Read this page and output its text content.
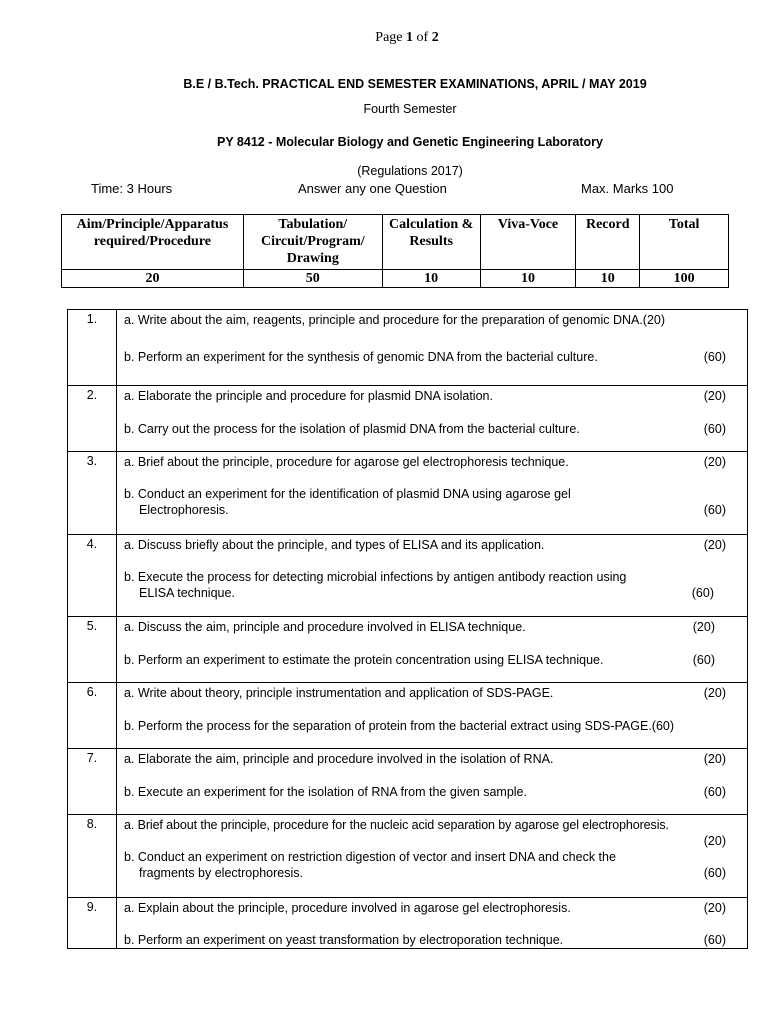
Page 1 of 2
B.E / B.Tech. PRACTICAL END SEMESTER EXAMINATIONS, APRIL / MAY 2019
Fourth Semester
PY 8412 - Molecular Biology and Genetic Engineering Laboratory
(Regulations 2017)
Time: 3 Hours	Answer any one Question	Max. Marks 100
Aim/Principle/Apparatus required/Procedure	Tabulation/ Circuit/Program/ Drawing	Calculation & Results	Viva-Voce	Record	Total
20	50	10	10	10	100
1.	a. Write about the aim, reagents, principle and procedure for the preparation of genomic DNA.(20)
b. Perform an experiment for the synthesis of genomic DNA from the bacterial culture. (60)

2.	a. Elaborate the principle and procedure for plasmid DNA isolation. (20)
b. Carry out the process for the isolation of plasmid DNA from the bacterial culture. (60)

3.	a. Brief about the principle, procedure for agarose gel electrophoresis technique. (20)
b. Conduct an experiment for the identification of plasmid DNA using agarose gel
Electrophoresis. (60)

4.	a. Discuss briefly about the principle, and types of ELISA and its application. (20)
b. Execute the process for detecting microbial infections by antigen antibody reaction using
ELISA technique. (60)

5.	a. Discuss the aim, principle and procedure involved in ELISA technique. (20)
b. Perform an experiment to estimate the protein concentration using ELISA technique. (60)

6.	a. Write about theory, principle instrumentation and application of SDS-PAGE. (20)
b. Perform the process for the separation of protein from the bacterial extract using SDS-PAGE.(60)

7.	a. Elaborate the aim, principle and procedure involved in the isolation of RNA. (20)
b. Execute an experiment for the isolation of RNA from the given sample. (60)

8.	a. Brief about the principle, procedure for the nucleic acid separation by agarose gel electrophoresis.
(20)
b. Conduct an experiment on restriction digestion of vector and insert DNA and check the
fragments by electrophoresis. (60)

9.	a. Explain about the principle, procedure involved in agarose gel electrophoresis. (20)
b. Perform an experiment on yeast transformation by electroporation technique. (60)
